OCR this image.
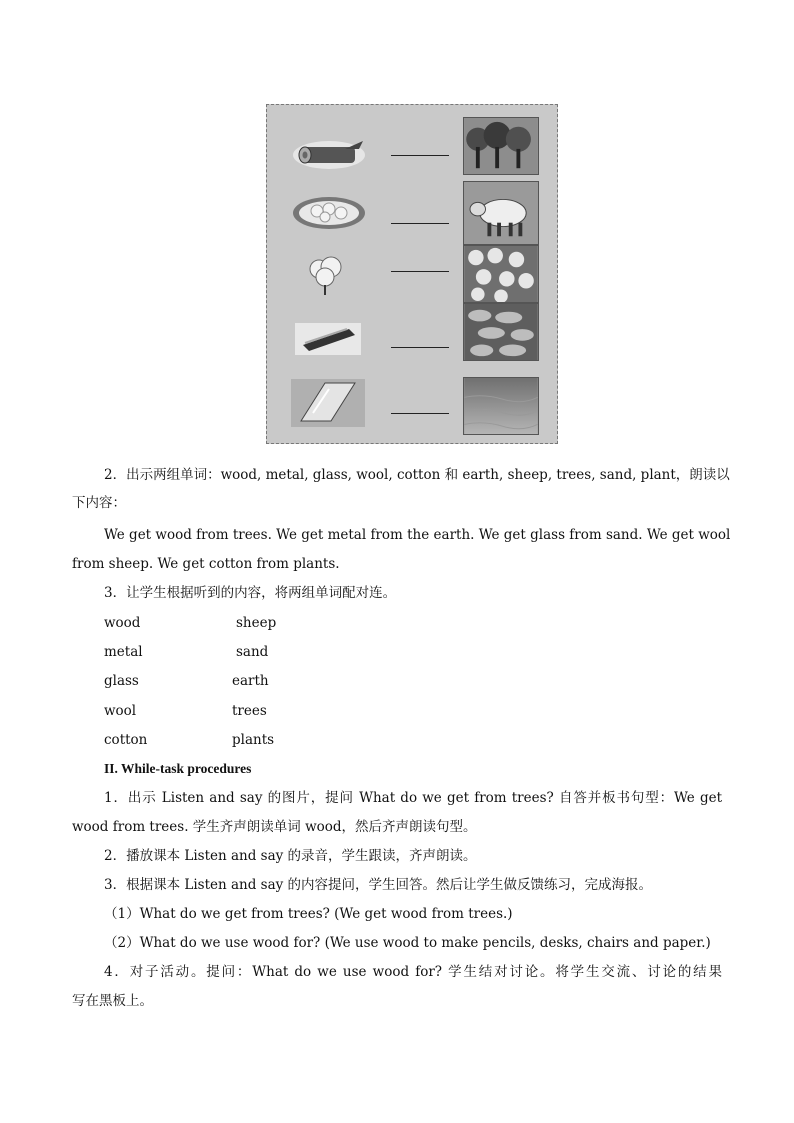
2．出示两组单词：wood, metal, glass, wool, cotton 和 earth, sheep, trees, sand, plant，朗读以
下内容：
We get wood from trees. We get metal from the earth. We get glass from sand. We get wool
from sheep. We get cotton from plants.
3．让学生根据听到的内容，将两组单词配对连。
wood	sheep
metal	sand
glass	earth
wool	trees
cotton	plants
II. While-task procedures
1．出示 Listen and say 的图片，提问 What do we get from trees? 自答并板书句型：We get
wood from trees. 学生齐声朗读单词 wood，然后齐声朗读句型。
2．播放课本 Listen and say 的录音，学生跟读，齐声朗读。
3．根据课本 Listen and say 的内容提问，学生回答。然后让学生做反馈练习，完成海报。
（1）What do we get from trees? (We get wood from trees.)
（2）What do we use wood for? (We use wood to make pencils, desks, chairs and paper.)
4．对子活动。提问：What do we use wood for? 学生结对讨论。将学生交流、讨论的结果
写在黑板上。
